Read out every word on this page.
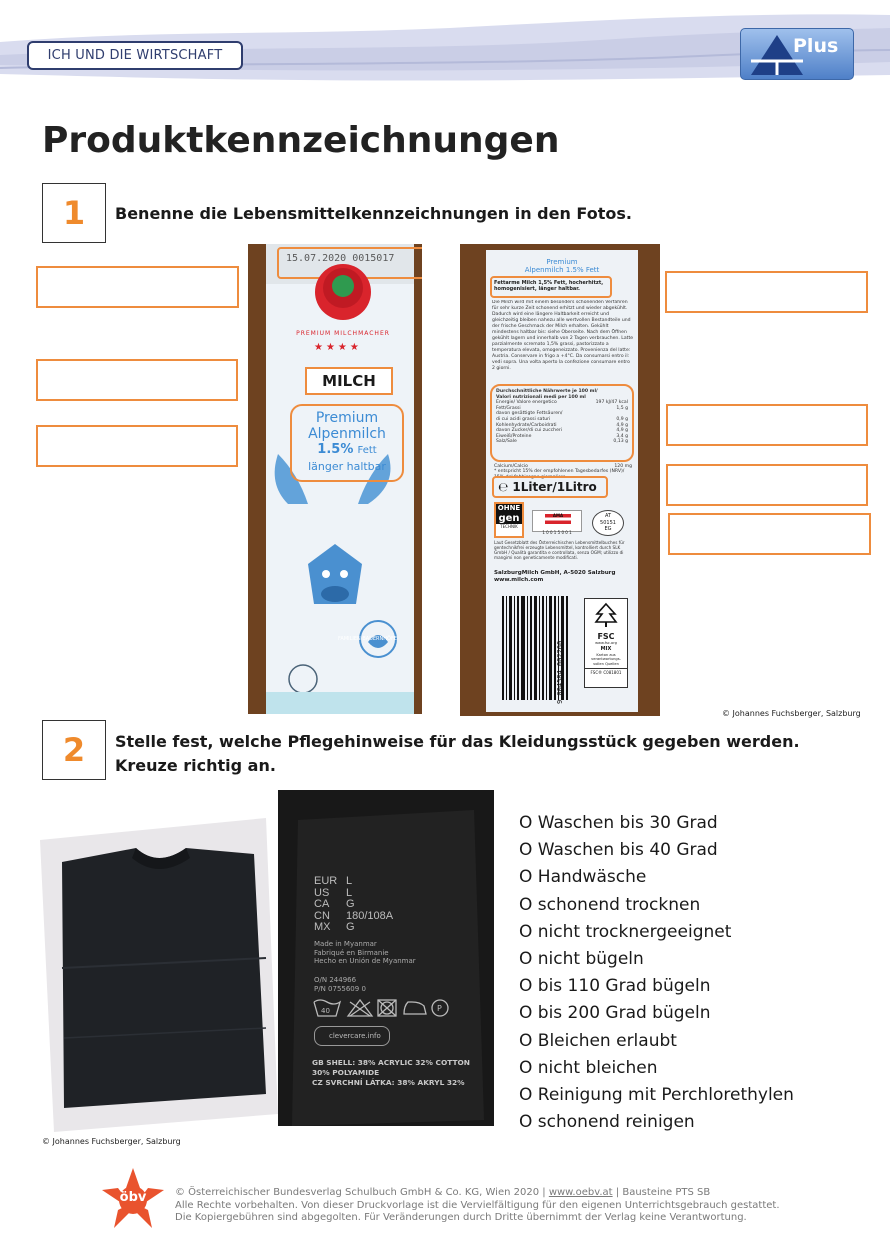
ICH UND DIE WIRTSCHAFT	Plus
Produktkennzeichnungen
1	Benenne die Lebensmittelkennzeichnungen in den Fotos.
15.07.2020 0015017
PREMIUM MILCHMACHER
★★★★
MILCH
Premium
Alpenmilch
1.5% Fett
länger haltbar
FAMILIEN BAUERNHÖFE
Premium
Alpenmilch 1.5% Fett
Fettarme Milch 1,5% Fett, hocherhitzt, homogenisiert, länger haltbar.
Die Milch wird mit einem besonders schonenden Verfahren für sehr kurze Zeit schonend erhitzt und wieder abgekühlt. Dadurch wird eine längere Haltbarkeit erreicht und gleichzeitig bleiben nahezu alle wertvollen Bestandteile und der frische Geschmack der Milch erhalten. Gekühlt mindestens haltbar bis: siehe Oberseite. Nach dem Öffnen gekühlt lagern und innerhalb von 2 Tagen verbrauchen. Latte parzialmente scremato 1,5% grassi, pastorizzato a temperatura elevata, omogeneizzato. Provenienza del latte: Austria. Conservare in frigo a +4°C. Da consumarsi entro il: vedi sopra. Una volta aperto la confezione consumare entro 2 giorni.
Durchschnittliche Nährwerte je 100 ml/
Valori nutrizionali medi per 100 ml
Energie/ Valore energetico	197 kJ/47 kcal
Fett/Grassi	1,5 g
davon gesättigte Fettsäuren/
di cui acidi grassi saturi	0,9 g
Kohlenhydrate/Carboidrati	4,9 g
davon Zucker/di cui zuccheri	4,9 g
Eiweiß/Proteine	3,4 g
Salz/Sale	0,13 g
Calcium/Calcio	120 mg
* entspricht 15% der empfohlenen Tagesbedarfes (NRV)/ 15% del fabbisogno giornaliero
℮ 1Liter/1Litro
OHNE
gen
TECHNIK
AMA
1 0 0 1 5 0 0 1
AT
50151
EG
Laut Gesetzblatt des Österreichischen Lebensmittelbuches für gentechnikfrei erzeugte Lebensmittel, kontrolliert durch SLK GmbH / Qualità garantita e controllata, senza OGM; utilizzo di mangimi non geneticamente modificati.
SalzburgMilch GmbH, A-5020 Salzburg
www.milch.com
9 004584 002260
FSC
www.fsc.org
MIX
Karton aus
verantwortungs-
vollen Quellen
FSC® C081801
© Johannes Fuchsberger, Salzburg
2	Stelle fest, welche Pflegehinweise für das Kleidungsstück gegeben werden.
Kreuze richtig an.
EUR L
US L
CA G
CN 180/108A
MX G
Made in Myanmar
Fabriqué en Birmanie
Hecho en Unión de Myanmar
O/N 244966
P/N 0755609 0
40	P
clevercare.info
GB SHELL: 38% ACRYLIC 32% COTTON
30% POLYAMIDE
CZ SVRCHNÍ LÁTKA: 38% AKRYL 32%
O Waschen bis 30 Grad
O Waschen bis 40 Grad
O Handwäsche
O schonend trocknen
O nicht trocknergeeignet
O nicht bügeln
O bis 110 Grad bügeln
O bis 200 Grad bügeln
O Bleichen erlaubt
O nicht bleichen
O Reinigung mit Perchlorethylen
O schonend reinigen
© Johannes Fuchsberger, Salzburg
öbv	© Österreichischer Bundesverlag Schulbuch GmbH & Co. KG, Wien 2020 | www.oebv.at | Bausteine PTS SB
Alle Rechte vorbehalten. Von dieser Druckvorlage ist die Vervielfältigung für den eigenen Unterrichtsgebrauch gestattet.
Die Kopiergebühren sind abgegolten. Für Veränderungen durch Dritte übernimmt der Verlag keine Verantwortung.
